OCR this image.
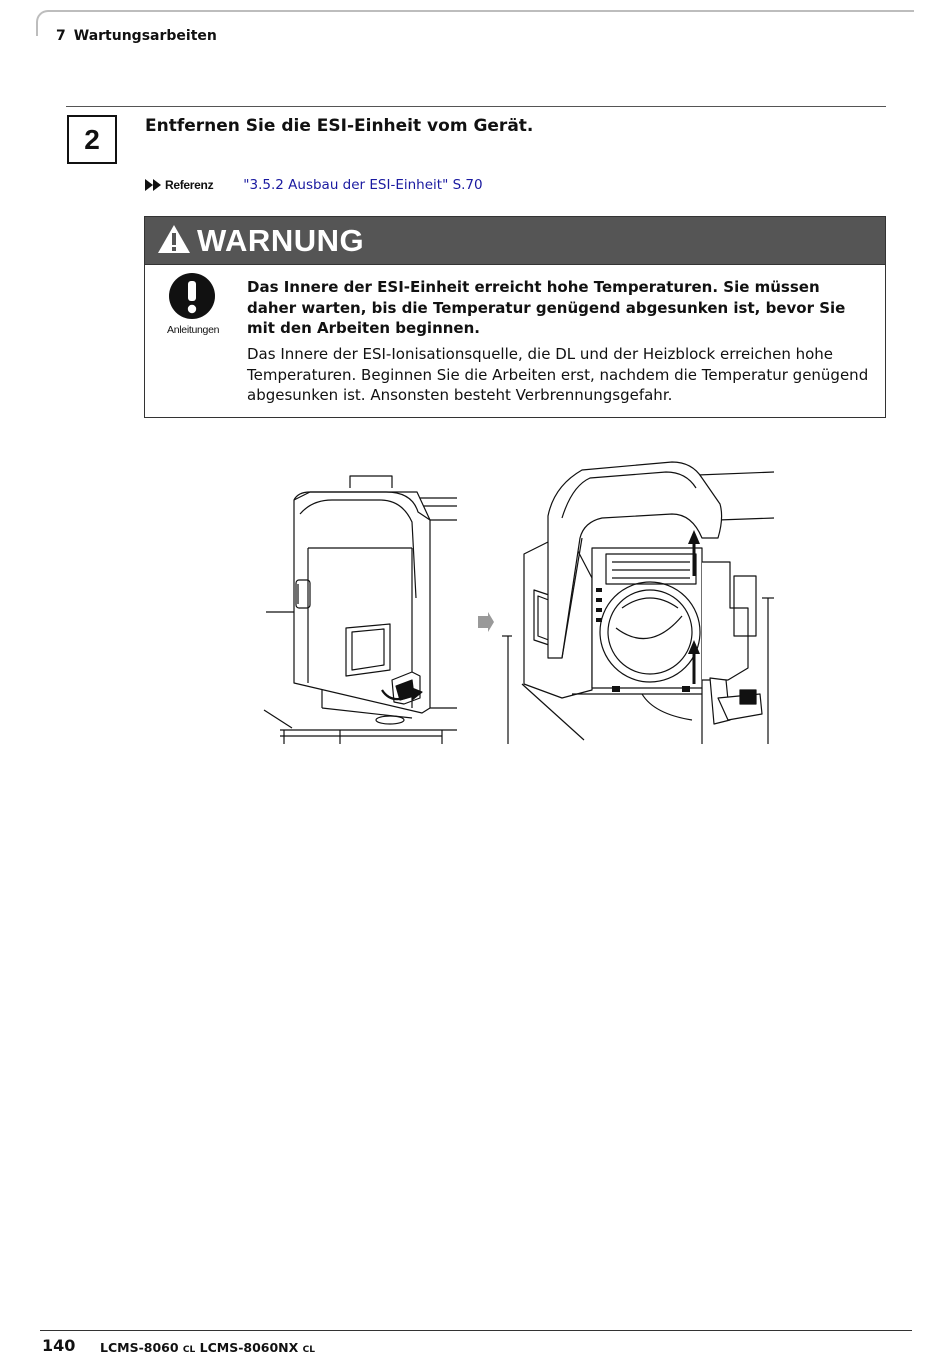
7 Wartungsarbeiten
2	Entfernen Sie die ESI-Einheit vom Gerät.
Referenz "3.5.2 Ausbau der ESI-Einheit" S.70
WARNUNG
Anleitungen
Das Innere der ESI-Einheit erreicht hohe Temperaturen. Sie müssen daher warten, bis die Temperatur genügend abgesunken ist, bevor Sie mit den Arbeiten beginnen.
Das Innere der ESI-Ionisationsquelle, die DL und der Heizblock erreichen hohe Temperaturen. Beginnen Sie die Arbeiten erst, nachdem die Temperatur genügend abgesunken ist. Ansonsten besteht Verbrennungsgefahr.
140 LCMS-8060 CL LCMS-8060NX CL
